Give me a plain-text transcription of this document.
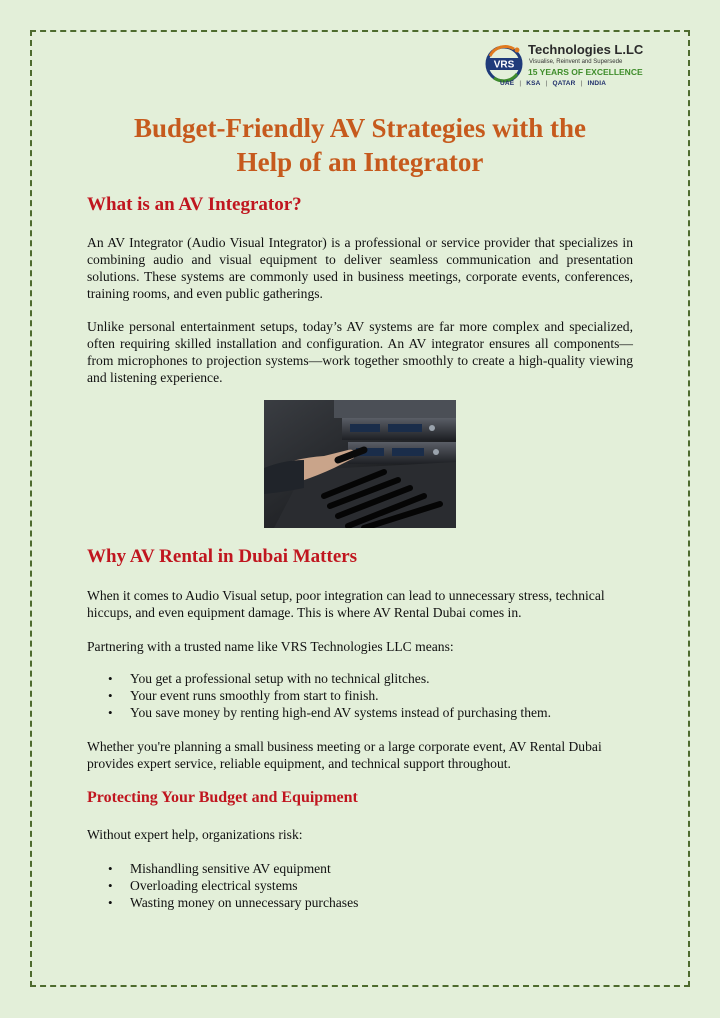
VRS
Technologies L.LC
Visualise, Reinvent and Supersede
15 YEARS OF EXCELLENCE
UAE | KSA | QATAR | INDIA
Budget-Friendly AV Strategies with the
Help of an Integrator
What is an AV Integrator?

An AV Integrator (Audio Visual Integrator) is a professional or service provider that specializes in combining audio and visual equipment to deliver seamless communication and presentation solutions. These systems are commonly used in business meetings, corporate events, conferences, training rooms, and even public gatherings.

Unlike personal entertainment setups, today’s AV systems are far more complex and specialized, often requiring skilled installation and configuration. An AV integrator ensures all components—from microphones to projection systems—work together smoothly to create a high-quality viewing and listening experience.

Why AV Rental in Dubai Matters

When it comes to Audio Visual setup, poor integration can lead to unnecessary stress, technical hiccups, and even equipment damage. This is where AV Rental Dubai comes in.

Partnering with a trusted name like VRS Technologies LLC means:

• You get a professional setup with no technical glitches.
• Your event runs smoothly from start to finish.
• You save money by renting high-end AV systems instead of purchasing them.

Whether you're planning a small business meeting or a large corporate event, AV Rental Dubai provides expert service, reliable equipment, and technical support throughout.

Protecting Your Budget and Equipment

Without expert help, organizations risk:

• Mishandling sensitive AV equipment
• Overloading electrical systems
• Wasting money on unnecessary purchases
